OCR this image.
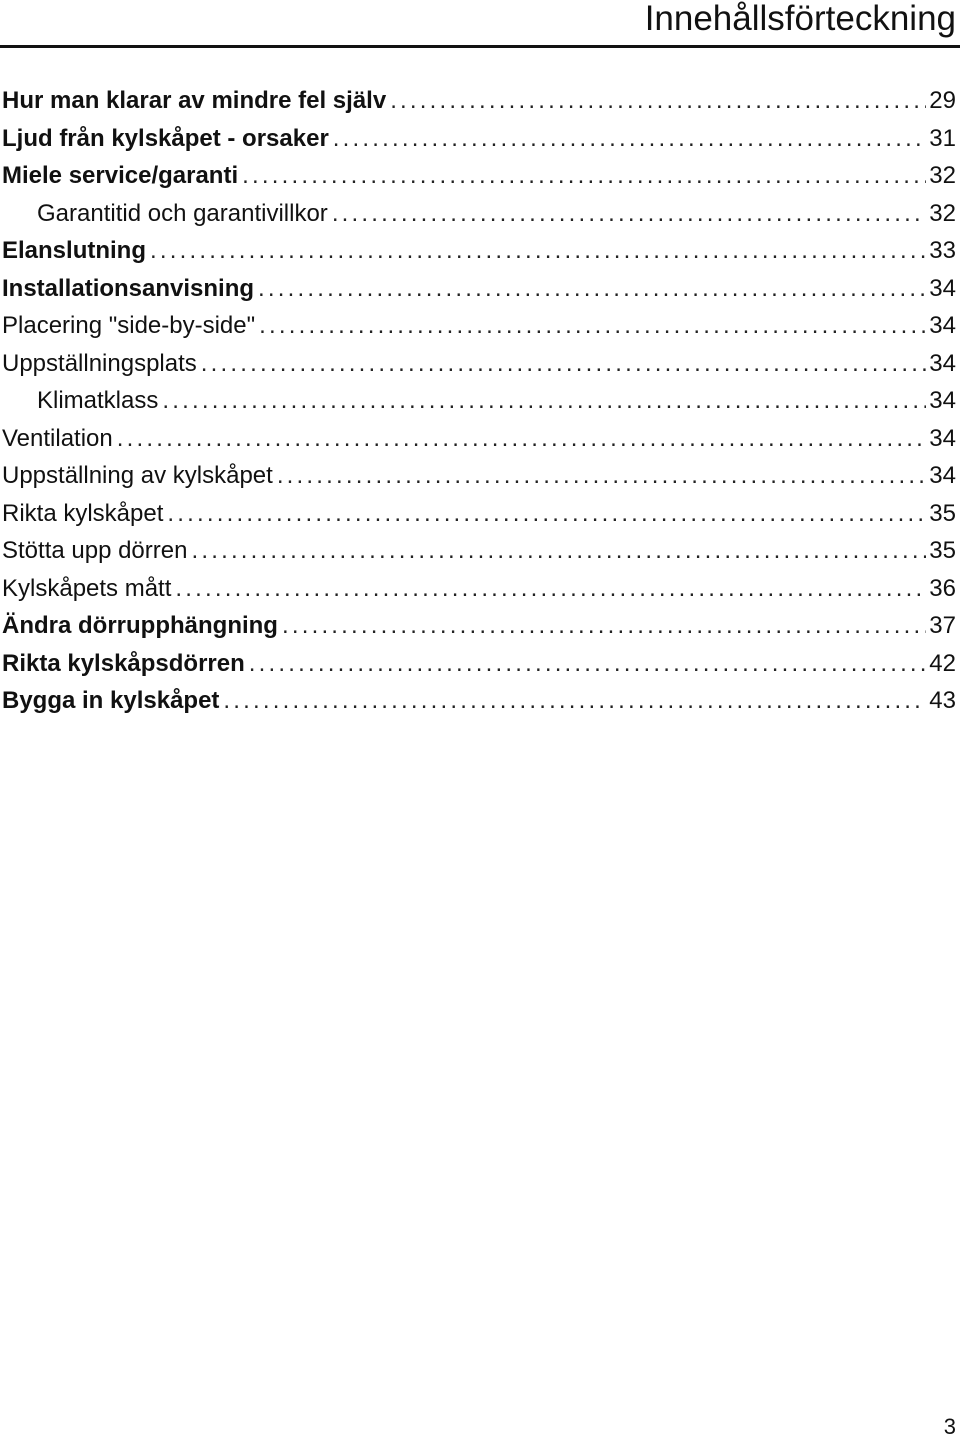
Innehållsförteckning
Hur man klarar av mindre fel själv .....	29
Ljud från kylskåpet - orsaker .....	31
Miele service/garanti .....	32
Garantitid och garantivillkor .....	32
Elanslutning .....	33
Installationsanvisning .....	34
Placering "side-by-side" .....	34
Uppställningsplats .....	34
Klimatklass .....	34
Ventilation .....	34
Uppställning av kylskåpet .....	34
Rikta kylskåpet .....	35
Stötta upp dörren .....	35
Kylskåpets mått .....	36
Ändra dörrupphängning .....	37
Rikta kylskåpsdörren .....	42
Bygga in kylskåpet .....	43
3
